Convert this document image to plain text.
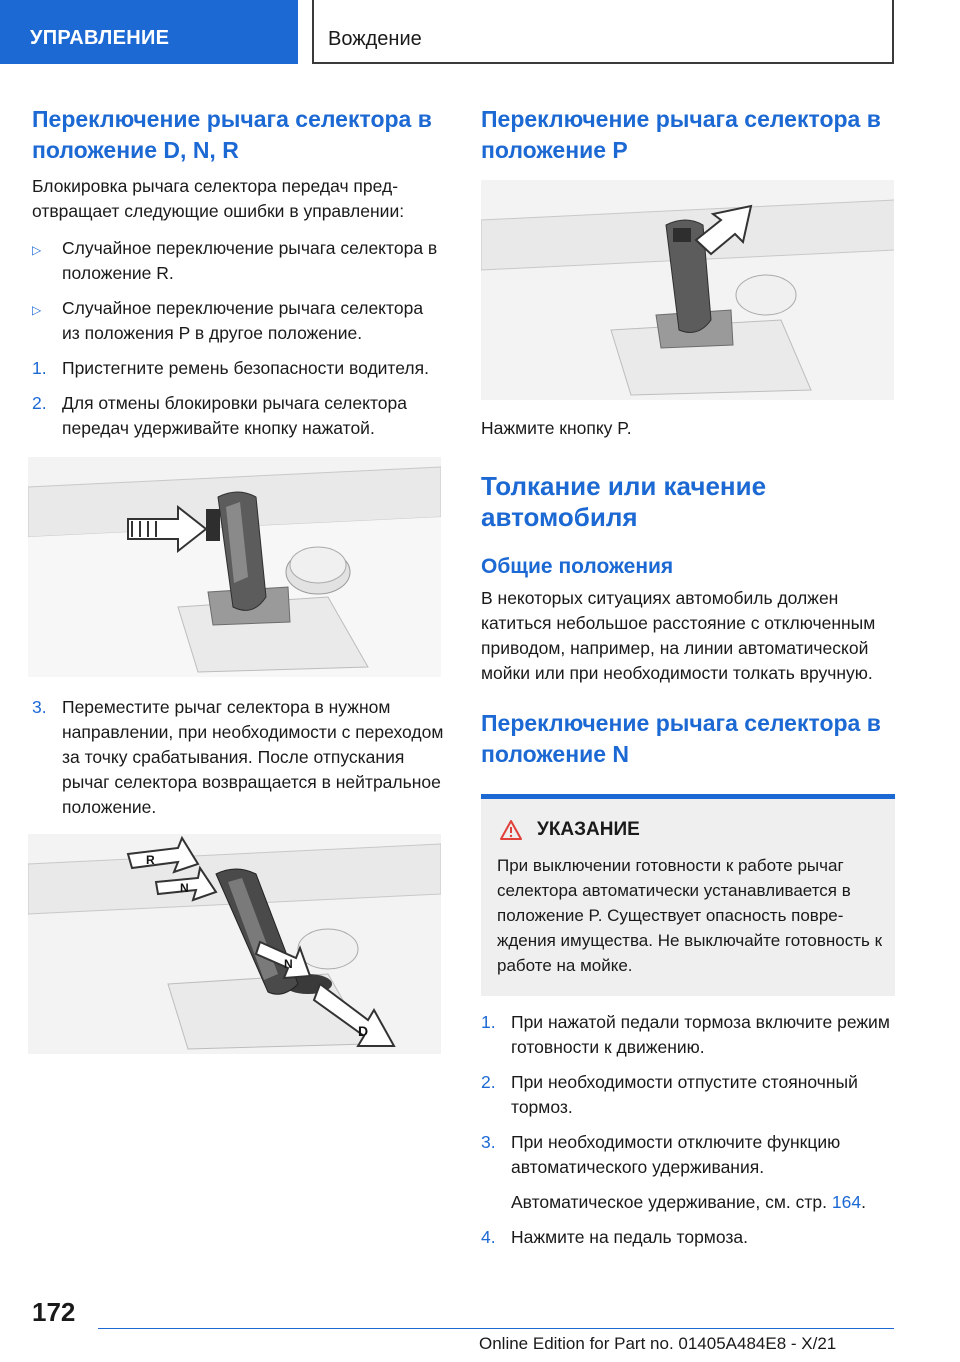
УПРАВЛЕНИЕ	Вождение
Переключение рычага селектора в положение D, N, R

Блокировка рычага селектора передач предотвращает следующие ошибки в управлении:

▷ Случайное переключение рычага селектора в положение R.
▷ Случайное переключение рычага селектора из положения P в другое положение.
1. Пристегните ремень безопасности водителя.
2. Для отмены блокировки рычага селектора передач удерживайте кнопку нажатой.
3. Переместите рычаг селектора в нужном направлении, при необходимости с переходом за точку срабатывания. После отпускания рычаг селектора возвращается в нейтральное положение.
R
N
N
D
Переключение рычага селектора в положение P

Нажмите кнопку P.

Толкание или качение автомобиля
Общие положения

В некоторых ситуациях автомобиль должен катиться небольшое расстояние с отключенным приводом, например, на линии автоматической мойки или при необходимости толкать вручную.

Переключение рычага селектора в положение N
УКАЗАНИЕ

При выключении готовности к работе рычаг селектора автоматически устанавливается в положение P. Существует опасность повреждения имущества. Не выключайте готовность к работе на мойке.

1. При нажатой педали тормоза включите режим готовности к движению.
2. При необходимости отпустите стояночный тормоз.
3. При необходимости отключите функцию автоматического удерживания.
Автоматическое удерживание, см. стр. 164.
4. Нажмите на педаль тормоза.
172
Online Edition for Part no. 01405A484E8 - X/21
